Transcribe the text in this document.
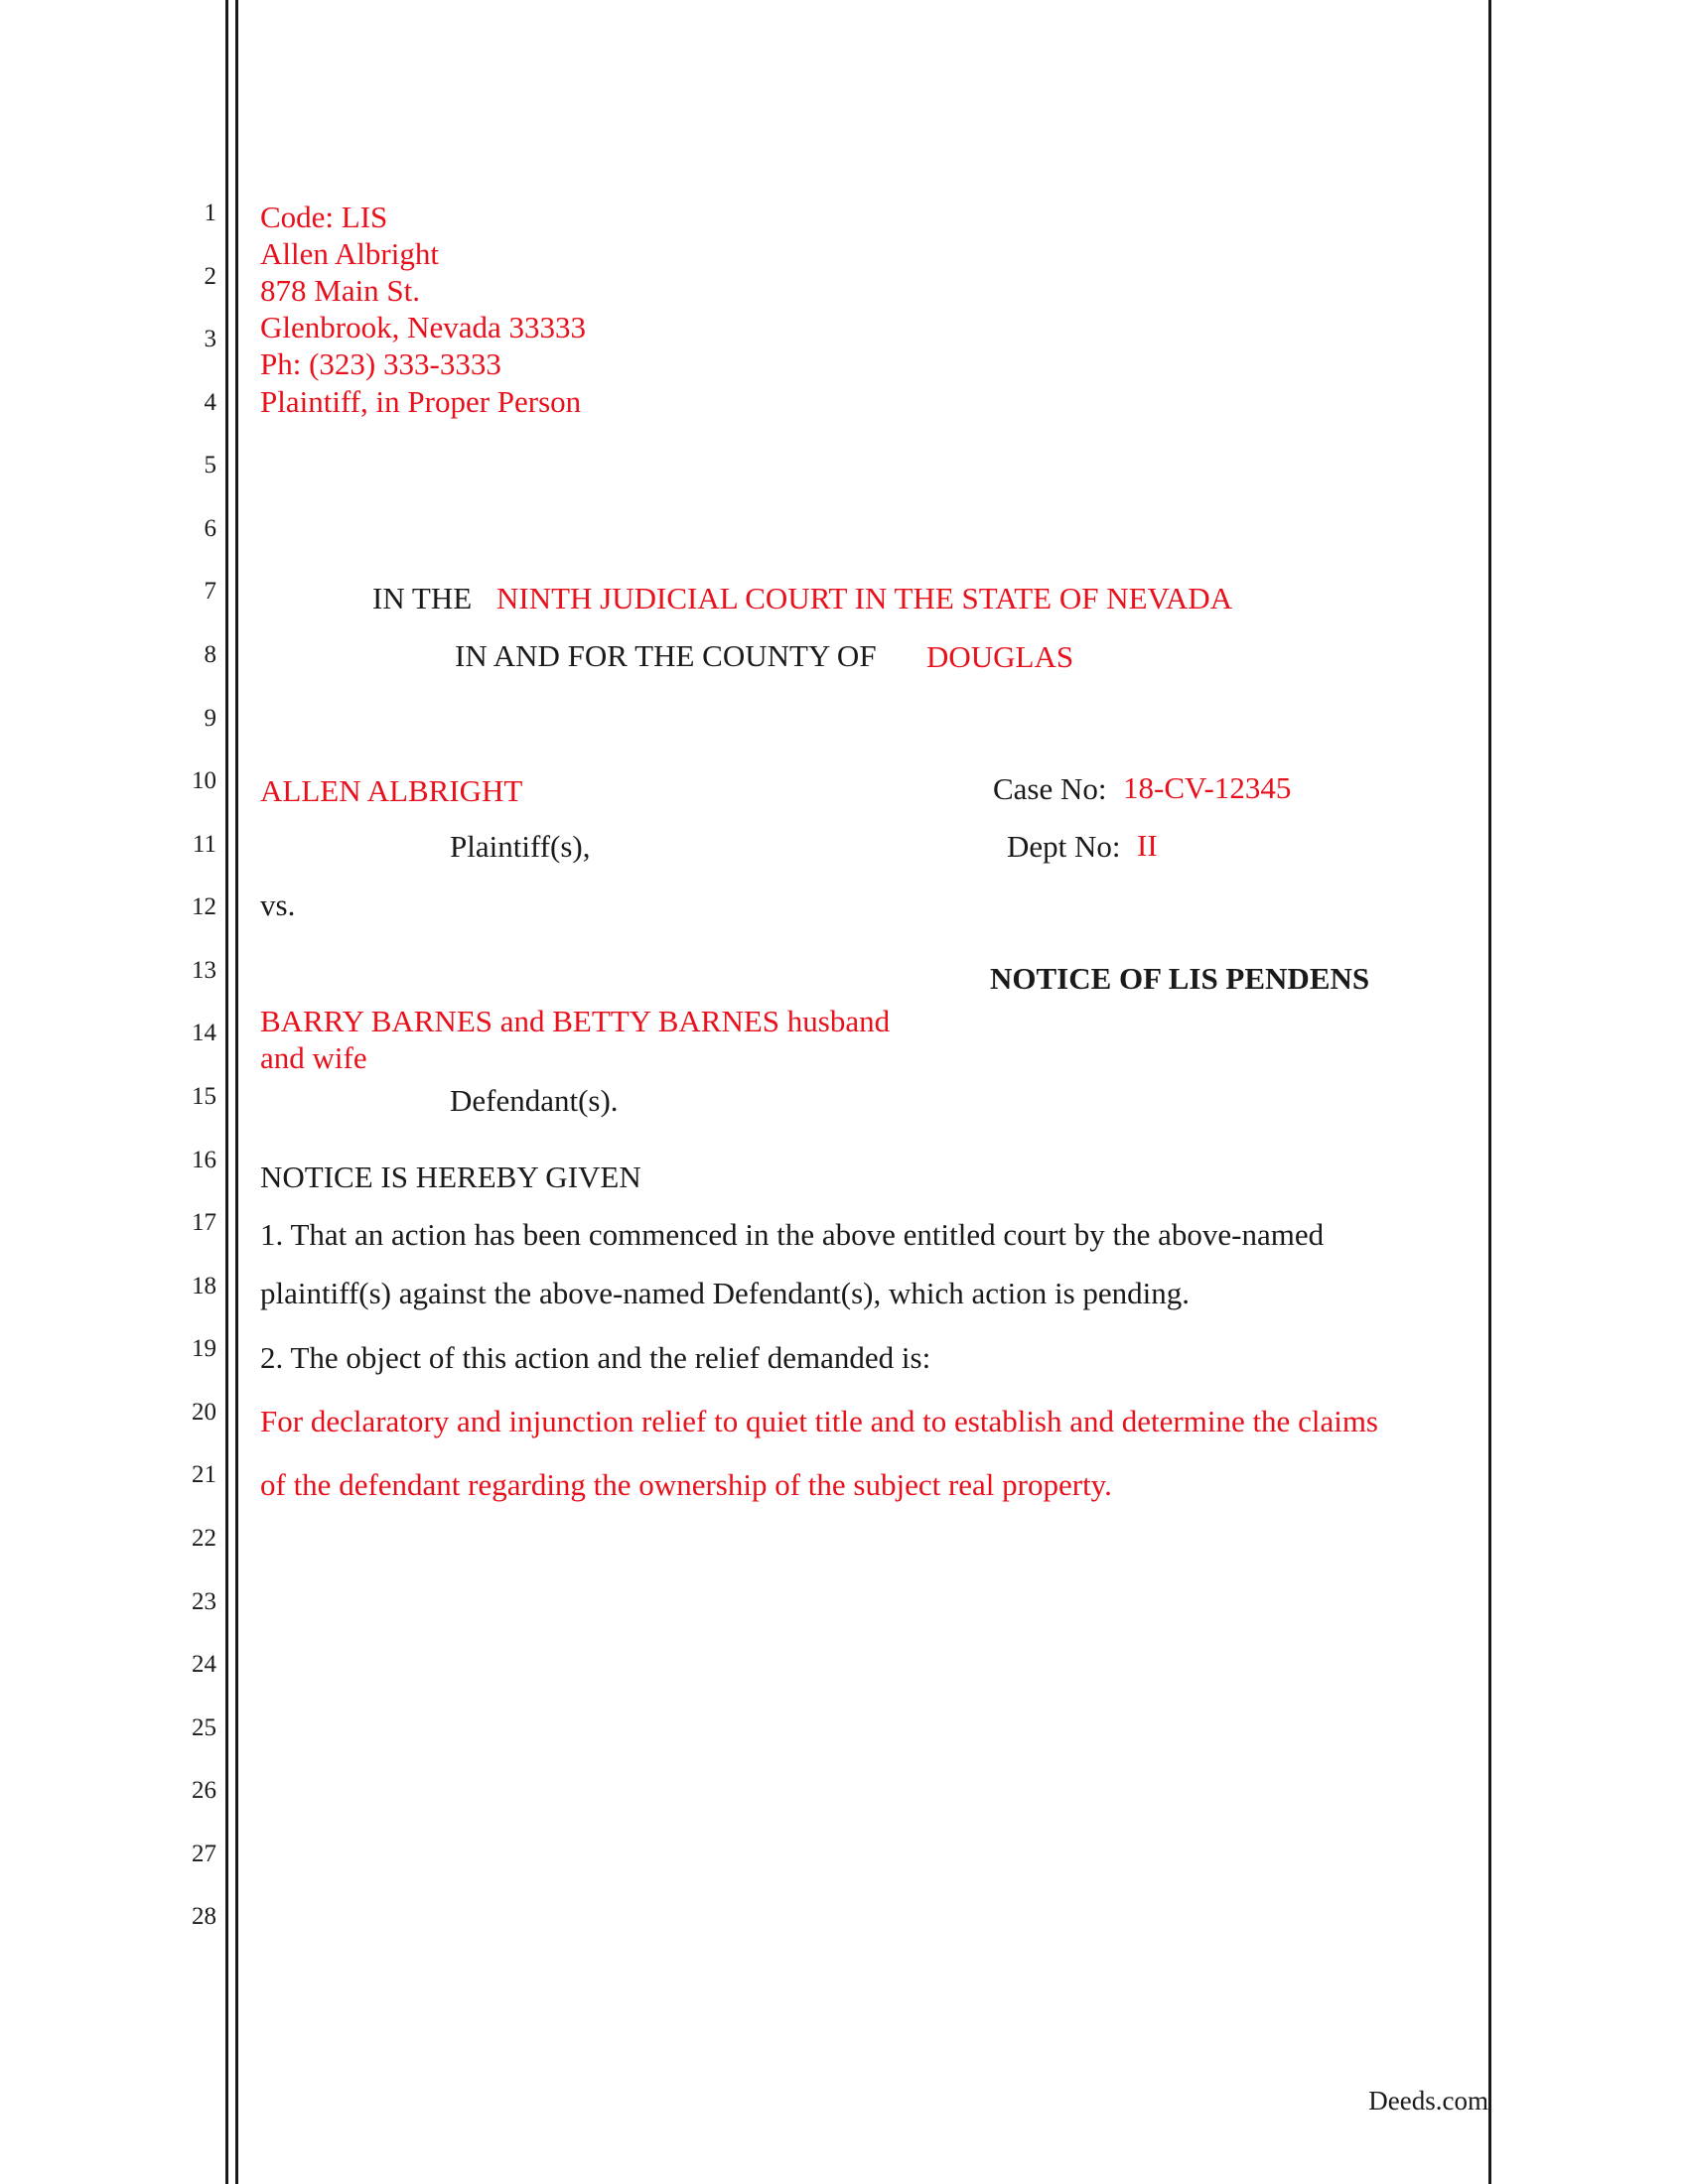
1
2
3
4
5
6
7
8
9
10
11
12
13
14
15
16
17
18
19
20
21
22
23
24
25
26
27
28
Code: LIS
Allen Albright
878 Main St.
Glenbrook, Nevada 33333
Ph: (323) 333-3333
Plaintiff, in Proper Person
IN THE NINTH JUDICIAL COURT IN THE STATE OF NEVADA
IN AND FOR THE COUNTY OF DOUGLAS
ALLEN ALBRIGHT
Plaintiff(s),
vs.
BARRY BARNES and BETTY BARNES husband
and wife
Defendant(s).
Case No: 18-CV-12345
Dept No: II
NOTICE OF LIS PENDENS
NOTICE IS HEREBY GIVEN
1. That an action has been commenced in the above entitled court by the above-named
plaintiff(s) against the above-named Defendant(s), which action is pending.
2. The object of this action and the relief demanded is:
For declaratory and injunction relief to quiet title and to establish and determine the claims
of the defendant regarding the ownership of the subject real property.
Deeds.com
